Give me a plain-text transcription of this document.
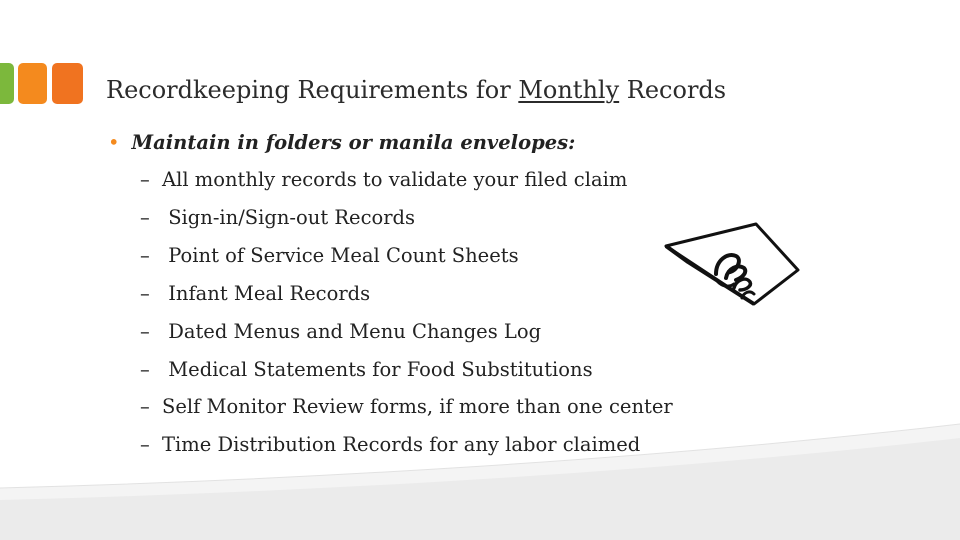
Recordkeeping Requirements for Monthly Records
• Maintain in folders or manila envelopes:
– All monthly records to validate your filed claim
– Sign-in/Sign-out Records
– Point of Service Meal Count Sheets
– Infant Meal Records
– Dated Menus and Menu Changes Log
– Medical Statements for Food Substitutions
– Self Monitor Review forms, if more than one center
– Time Distribution Records for any labor claimed
